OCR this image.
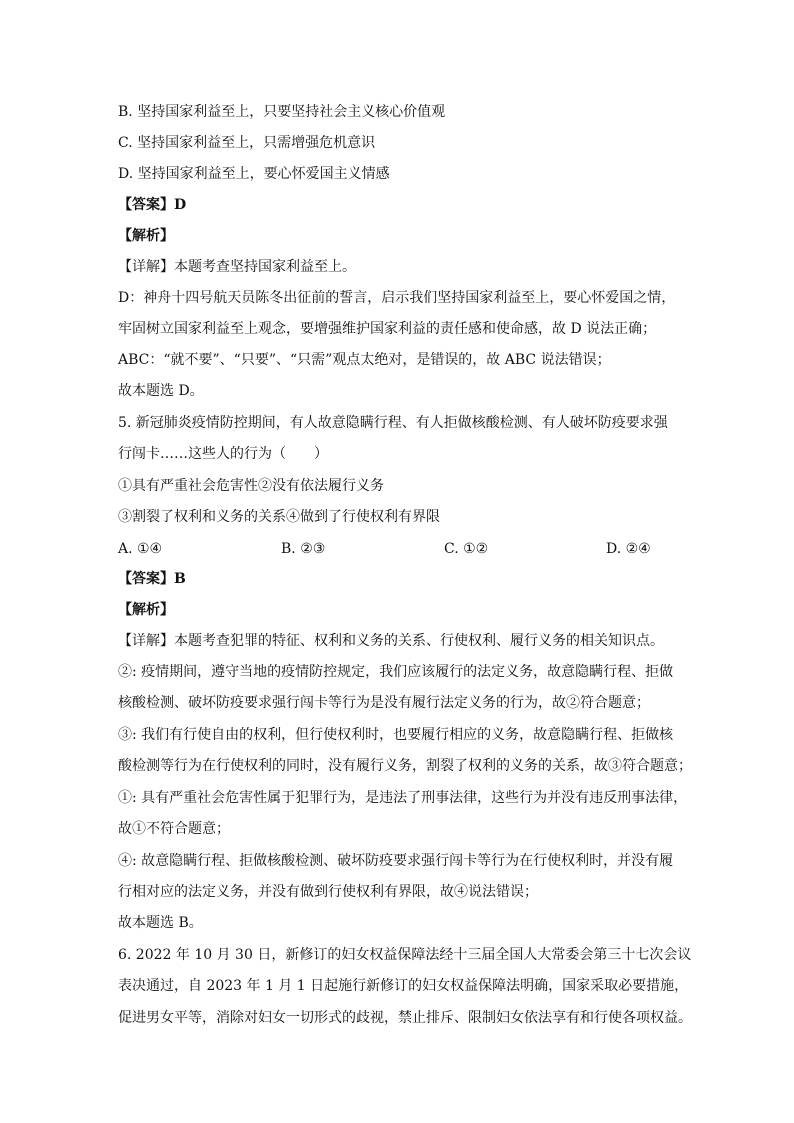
B. 坚持国家利益至上，只要坚持社会主义核心价值观
C. 坚持国家利益至上，只需增强危机意识
D. 坚持国家利益至上，要心怀爱国主义情感
【答案】D
【解析】
【详解】本题考查坚持国家利益至上。
D：神舟十四号航天员陈冬出征前的誓言，启示我们坚持国家利益至上，要心怀爱国之情，
牢固树立国家利益至上观念，要增强维护国家利益的责任感和使命感，故 D 说法正确；
ABC：“就不要”、“只要”、“只需”观点太绝对，是错误的，故 ABC 说法错误；
故本题选 D。
5. 新冠肺炎疫情防控期间，有人故意隐瞒行程、有人拒做核酸检测、有人破坏防疫要求强
行闯卡……这些人的行为（　　）
①具有严重社会危害性②没有依法履行义务
③割裂了权利和义务的关系④做到了行使权利有界限
A. ①④	B. ②③	C. ①②	D. ②④
【答案】B
【解析】
【详解】本题考查犯罪的特征、权利和义务的关系、行使权利、履行义务的相关知识点。
②: 疫情期间，遵守当地的疫情防控规定，我们应该履行的法定义务，故意隐瞒行程、拒做
核酸检测、破坏防疫要求强行闯卡等行为是没有履行法定义务的行为，故②符合题意；
③: 我们有行使自由的权利，但行使权利时，也要履行相应的义务，故意隐瞒行程、拒做核
酸检测等行为在行使权利的同时，没有履行义务，割裂了权利的义务的关系，故③符合题意；
①: 具有严重社会危害性属于犯罪行为，是违法了刑事法律，这些行为并没有违反刑事法律，
故①不符合题意；
④: 故意隐瞒行程、拒做核酸检测、破坏防疫要求强行闯卡等行为在行使权利时，并没有履
行相对应的法定义务，并没有做到行使权利有界限，故④说法错误；
故本题选 B。
6. 2022 年 10 月 30 日，新修订的妇女权益保障法经十三届全国人大常委会第三十七次会议
表决通过，自 2023 年 1 月 1 日起施行新修订的妇女权益保障法明确，国家采取必要措施，
促进男女平等，消除对妇女一切形式的歧视，禁止排斥、限制妇女依法享有和行使各项权益。
